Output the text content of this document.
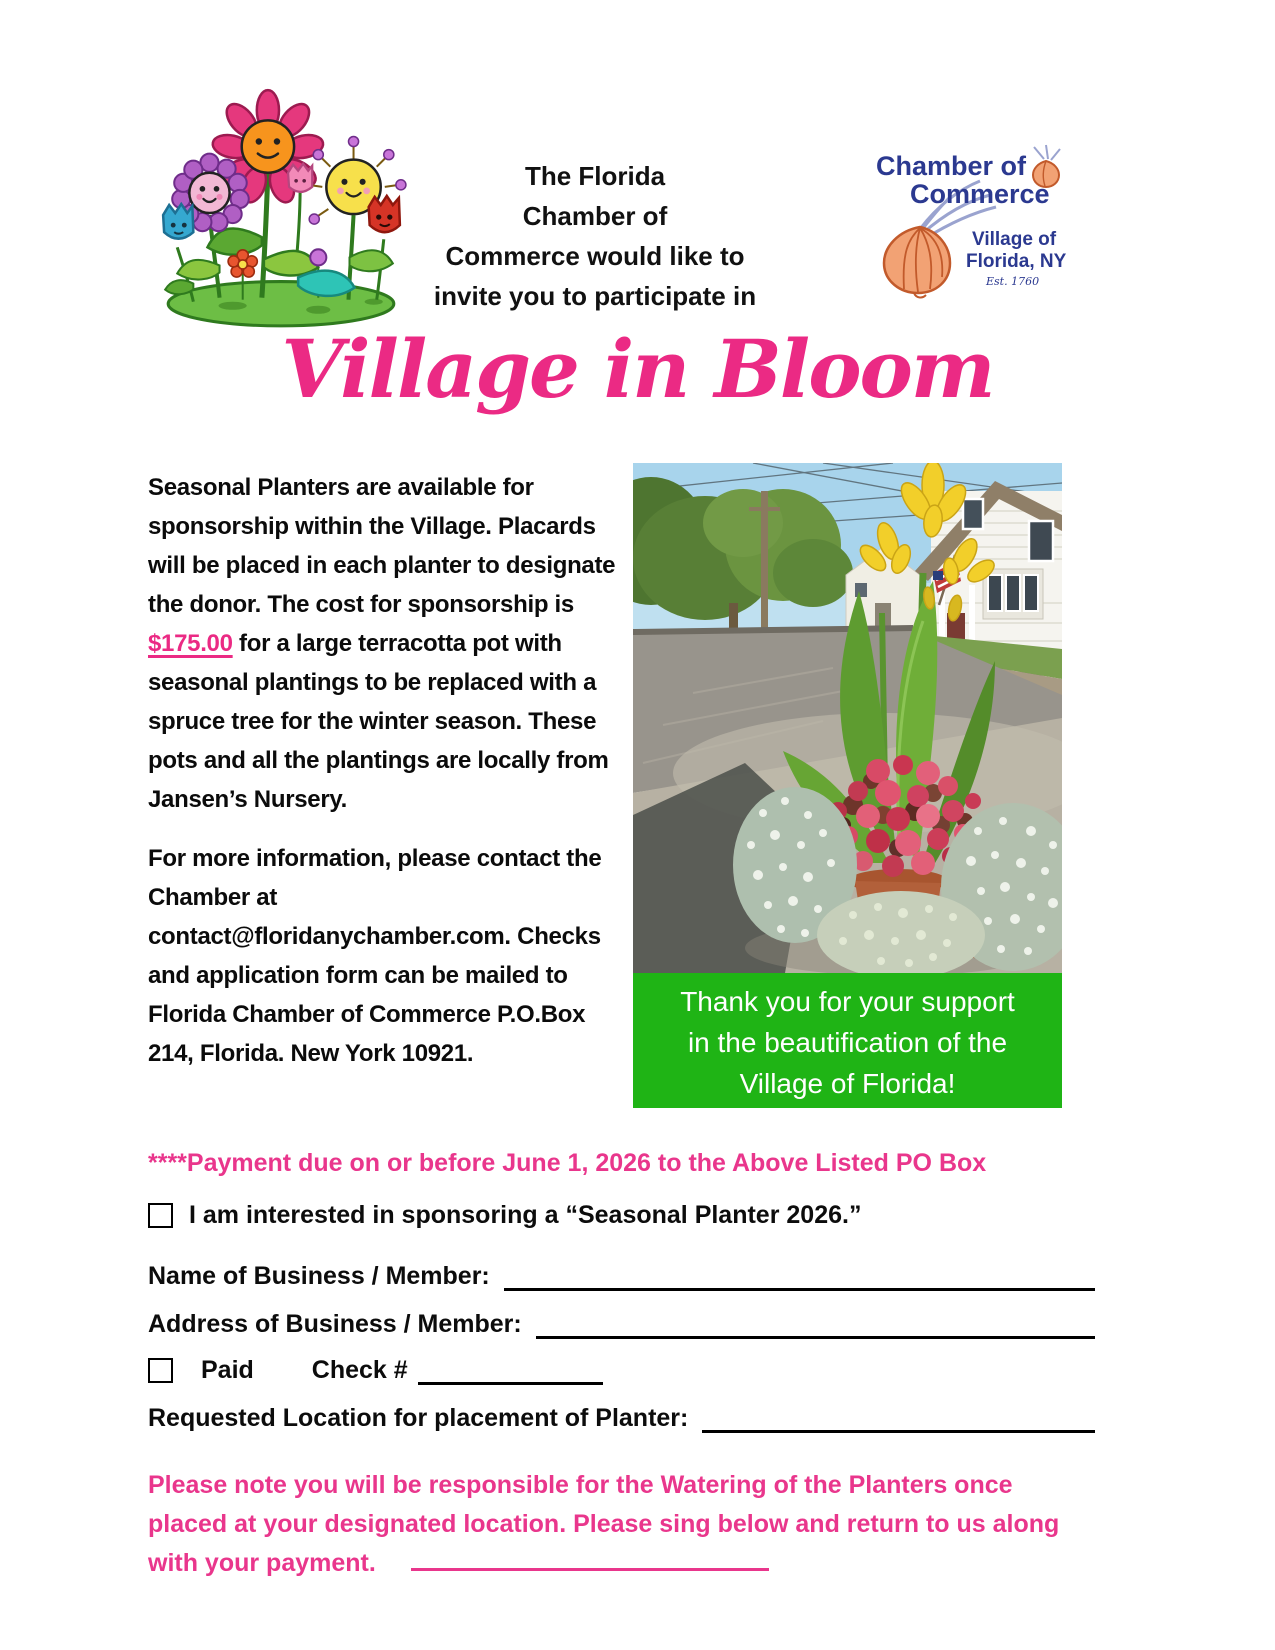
The Florida
Chamber of
Commerce would like to
invite you to participate in
Chamber of
Commerce
Village of
Florida, NY
Est. 1760
Village in Bloom

Seasonal Planters are available for sponsorship within the Village. Placards will be placed in each planter to designate the donor. The cost for sponsorship is $175.00 for a large terracotta pot with seasonal plantings to be replaced with a spruce tree for the winter season. These pots and all the plantings are locally from Jansen’s Nursery.

For more information, please contact the Chamber at contact@floridanychamber.com. Checks and application form can be mailed to Florida Chamber of Commerce P.O.Box 214, Florida. New York 10921.

Thank you for your support
in the beautification of the
Village of Florida!
****Payment due on or before June 1, 2026 to the Above Listed PO Box
I am interested in sponsoring a “Seasonal Planter 2026.”
Name of Business / Member:
Address of Business / Member:
Paid Check #
Requested Location for placement of Planter:
Please note you will be responsible for the Watering of the Planters once placed at your designated location. Please sing below and return to us along with your payment.
